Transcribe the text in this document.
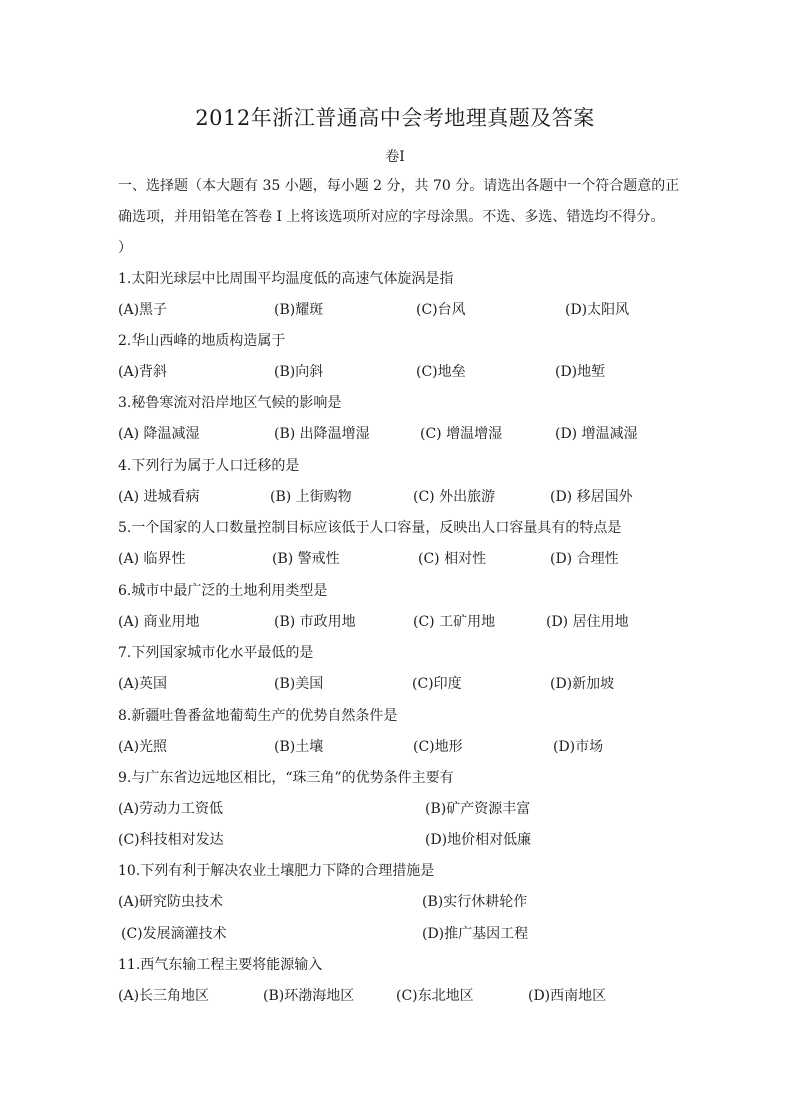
2012年浙江普通高中会考地理真题及答案
卷I
一、选择题（本大题有 35 小题，每小题 2 分，共 70 分。请选出各题中一个符合题意的正
确选项，并用铅笔在答卷 I 上将该选项所对应的字母涂黑。不选、多选、错选均不得分。
）
1.太阳光球层中比周围平均温度低的高速气体旋涡是指
(A)黑子	(B)耀斑	(C)台风	(D)太阳风
2.华山西峰的地质构造属于
(A)背斜	(B)向斜	(C)地垒	(D)地堑
3.秘鲁寒流对沿岸地区气候的影响是
(A) 降温减湿	(B) 出降温增湿	(C) 增温增湿	(D) 增温减湿
4.下列行为属于人口迁移的是
(A) 进城看病	(B) 上街购物	(C) 外出旅游	(D) 移居国外
5.一个国家的人口数量控制目标应该低于人口容量，反映出人口容量具有的特点是
(A) 临界性	(B) 警戒性	(C) 相对性	(D) 合理性
6.城市中最广泛的土地利用类型是
(A) 商业用地	(B) 市政用地	(C) 工矿用地	(D) 居住用地
7.下列国家城市化水平最低的是
(A)英国	(B)美国	(C)印度	(D)新加坡
8.新疆吐鲁番盆地葡萄生产的优势自然条件是
(A)光照	(B)土壤	(C)地形	(D)市场
9.与广东省边远地区相比，“珠三角”的优势条件主要有
(A)劳动力工资低	(B)矿产资源丰富
(C)科技相对发达	(D)地价相对低廉
10.下列有利于解决农业土壤肥力下降的合理措施是
(A)研究防虫技术	(B)实行休耕轮作
(C)发展滴灌技术	(D)推广基因工程
11.西气东输工程主要将能源输入
(A)长三角地区	(B)环渤海地区	(C)东北地区	(D)西南地区
